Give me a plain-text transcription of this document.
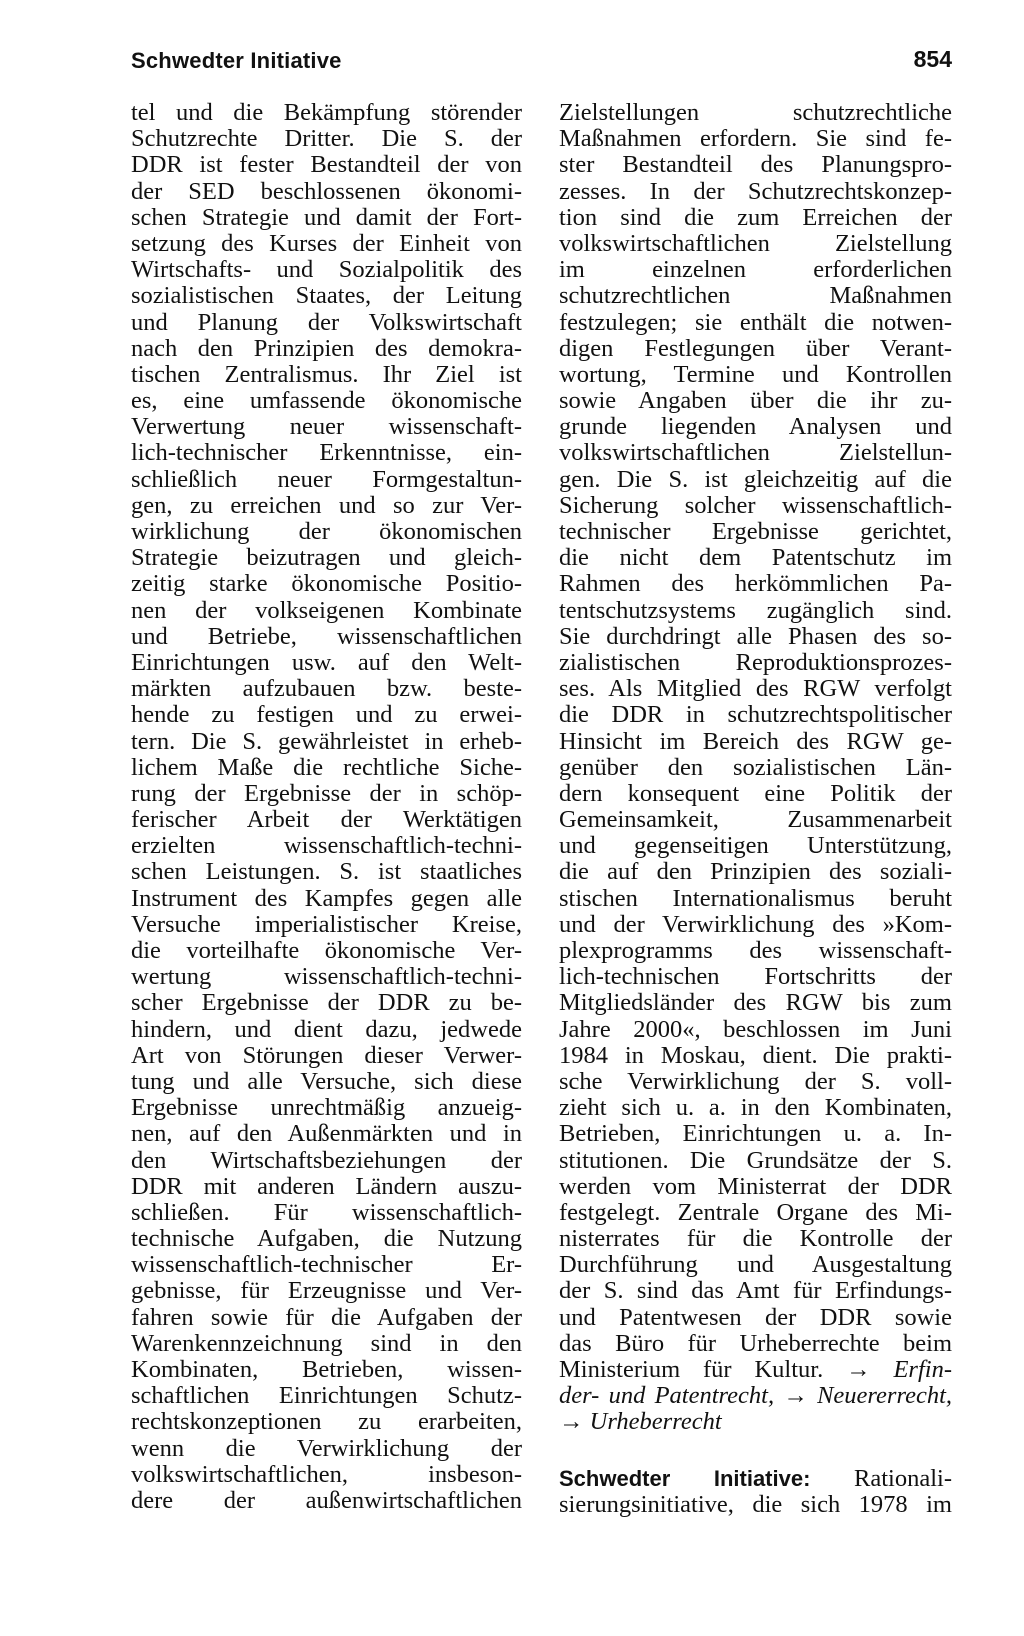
Schwedter Initiative	854
tel und die Bekämpfung störender
Schutzrechte Dritter. Die S. der
DDR ist fester Bestandteil der von
der SED beschlossenen ökonomi-
schen Strategie und damit der Fort-
setzung des Kurses der Einheit von
Wirtschafts- und Sozialpolitik des
sozialistischen Staates, der Leitung
und Planung der Volkswirtschaft
nach den Prinzipien des demokra-
tischen Zentralismus. Ihr Ziel ist
es, eine umfassende ökonomische
Verwertung neuer wissenschaft-
lich-technischer Erkenntnisse, ein-
schließlich neuer Formgestaltun-
gen, zu erreichen und so zur Ver-
wirklichung der ökonomischen
Strategie beizutragen und gleich-
zeitig starke ökonomische Positio-
nen der volkseigenen Kombinate
und Betriebe, wissenschaftlichen
Einrichtungen usw. auf den Welt-
märkten aufzubauen bzw. beste-
hende zu festigen und zu erwei-
tern. Die S. gewährleistet in erheb-
lichem Maße die rechtliche Siche-
rung der Ergebnisse der in schöp-
ferischer Arbeit der Werktätigen
erzielten wissenschaftlich-techni-
schen Leistungen. S. ist staatliches
Instrument des Kampfes gegen alle
Versuche imperialistischer Kreise,
die vorteilhafte ökonomische Ver-
wertung wissenschaftlich-techni-
scher Ergebnisse der DDR zu be-
hindern, und dient dazu, jedwede
Art von Störungen dieser Verwer-
tung und alle Versuche, sich diese
Ergebnisse unrechtmäßig anzueig-
nen, auf den Außenmärkten und in
den Wirtschaftsbeziehungen der
DDR mit anderen Ländern auszu-
schließen. Für wissenschaftlich-
technische Aufgaben, die Nutzung
wissenschaftlich-technischer Er-
gebnisse, für Erzeugnisse und Ver-
fahren sowie für die Aufgaben der
Warenkennzeichnung sind in den
Kombinaten, Betrieben, wissen-
schaftlichen Einrichtungen Schutz-
rechtskonzeptionen zu erarbeiten,
wenn die Verwirklichung der
volkswirtschaftlichen, insbeson-
dere der außenwirtschaftlichen
Zielstellungen schutzrechtliche
Maßnahmen erfordern. Sie sind fe-
ster Bestandteil des Planungspro-
zesses. In der Schutzrechtskonzep-
tion sind die zum Erreichen der
volkswirtschaftlichen Zielstellung
im einzelnen erforderlichen
schutzrechtlichen Maßnahmen
festzulegen; sie enthält die notwen-
digen Festlegungen über Verant-
wortung, Termine und Kontrollen
sowie Angaben über die ihr zu-
grunde liegenden Analysen und
volkswirtschaftlichen Zielstellun-
gen. Die S. ist gleichzeitig auf die
Sicherung solcher wissenschaftlich-
technischer Ergebnisse gerichtet,
die nicht dem Patentschutz im
Rahmen des herkömmlichen Pa-
tentschutzsystems zugänglich sind.
Sie durchdringt alle Phasen des so-
zialistischen Reproduktionsprozes-
ses. Als Mitglied des RGW verfolgt
die DDR in schutzrechtspolitischer
Hinsicht im Bereich des RGW ge-
genüber den sozialistischen Län-
dern konsequent eine Politik der
Gemeinsamkeit, Zusammenarbeit
und gegenseitigen Unterstützung,
die auf den Prinzipien des soziali-
stischen Internationalismus beruht
und der Verwirklichung des »Kom-
plexprogramms des wissenschaft-
lich-technischen Fortschritts der
Mitgliedsländer des RGW bis zum
Jahre 2000«, beschlossen im Juni
1984 in Moskau, dient. Die prakti-
sche Verwirklichung der S. voll-
zieht sich u. a. in den Kombinaten,
Betrieben, Einrichtungen u. a. In-
stitutionen. Die Grundsätze der S.
werden vom Ministerrat der DDR
festgelegt. Zentrale Organe des Mi-
nisterrates für die Kontrolle der
Durchführung und Ausgestaltung
der S. sind das Amt für Erfindungs-
und Patentwesen der DDR sowie
das Büro für Urheberrechte beim
Ministerium für Kultur. → Erfin-
der- und Patentrecht, → Neuererrecht,
→ Urheberrecht
Schwedter Initiative: Rationali-
sierungsinitiative, die sich 1978 im
